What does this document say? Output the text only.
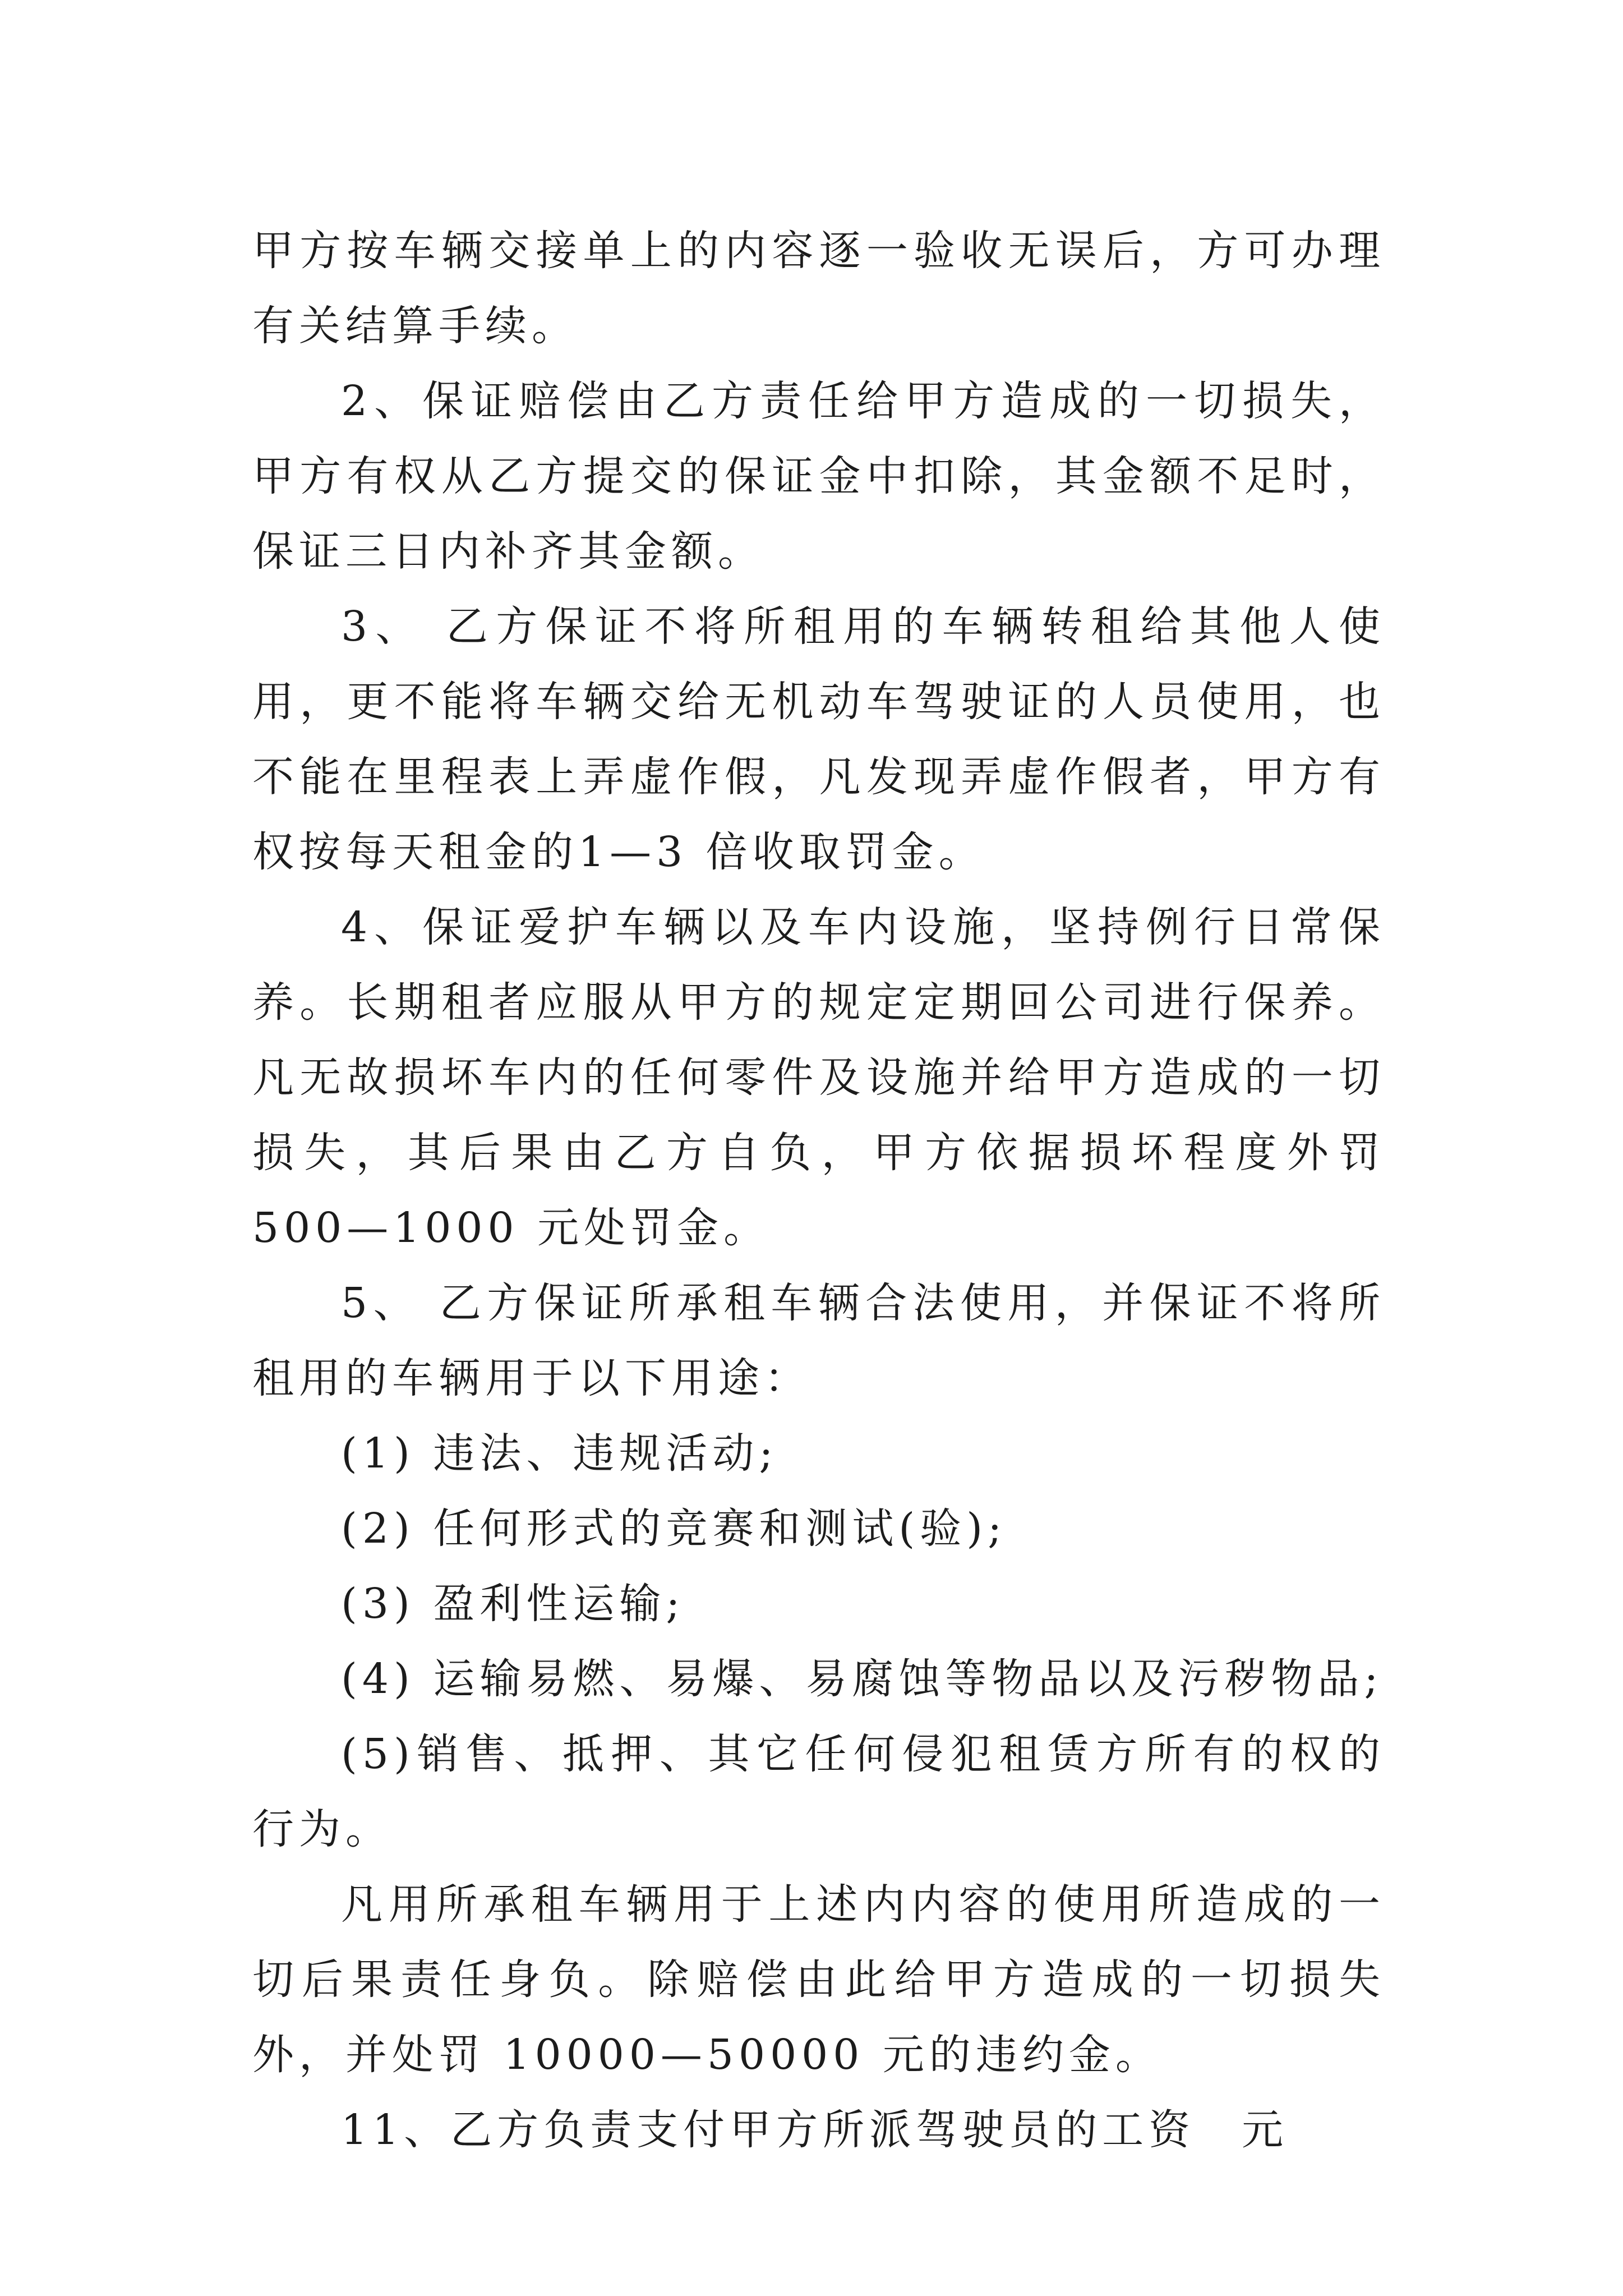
甲方按车辆交接单上的内容逐一验收无误后，方可办理有关结算手续。

2、保证赔偿由乙方责任给甲方造成的一切损失，甲方有权从乙方提交的保证金中扣除，其金额不足时，保证三日内补齐其金额。

3、 乙方保证不将所租用的车辆转租给其他人使用，更不能将车辆交给无机动车驾驶证的人员使用，也不能在里程表上弄虚作假，凡发现弄虚作假者，甲方有权按每天租金的1—3 倍收取罚金。

4、保证爱护车辆以及车内设施，坚持例行日常保养。长期租者应服从甲方的规定定期回公司进行保养。凡无故损坏车内的任何零件及设施并给甲方造成的一切损失，其后果由乙方自负，甲方依据损坏程度外罚 500—1000 元处罚金。

5、 乙方保证所承租车辆合法使用，并保证不将所租用的车辆用于以下用途：

(1) 违法、违规活动;

(2) 任何形式的竞赛和测试(验);

(3) 盈利性运输;

(4) 运输易燃、易爆、易腐蚀等物品以及污秽物品;

(5)销售、抵押、其它任何侵犯租赁方所有的权的行为。

凡用所承租车辆用于上述内内容的使用所造成的一切后果责任身负。除赔偿由此给甲方造成的一切损失外，并处罚 10000—50000 元的违约金。

11、乙方负责支付甲方所派驾驶员的工资　元
